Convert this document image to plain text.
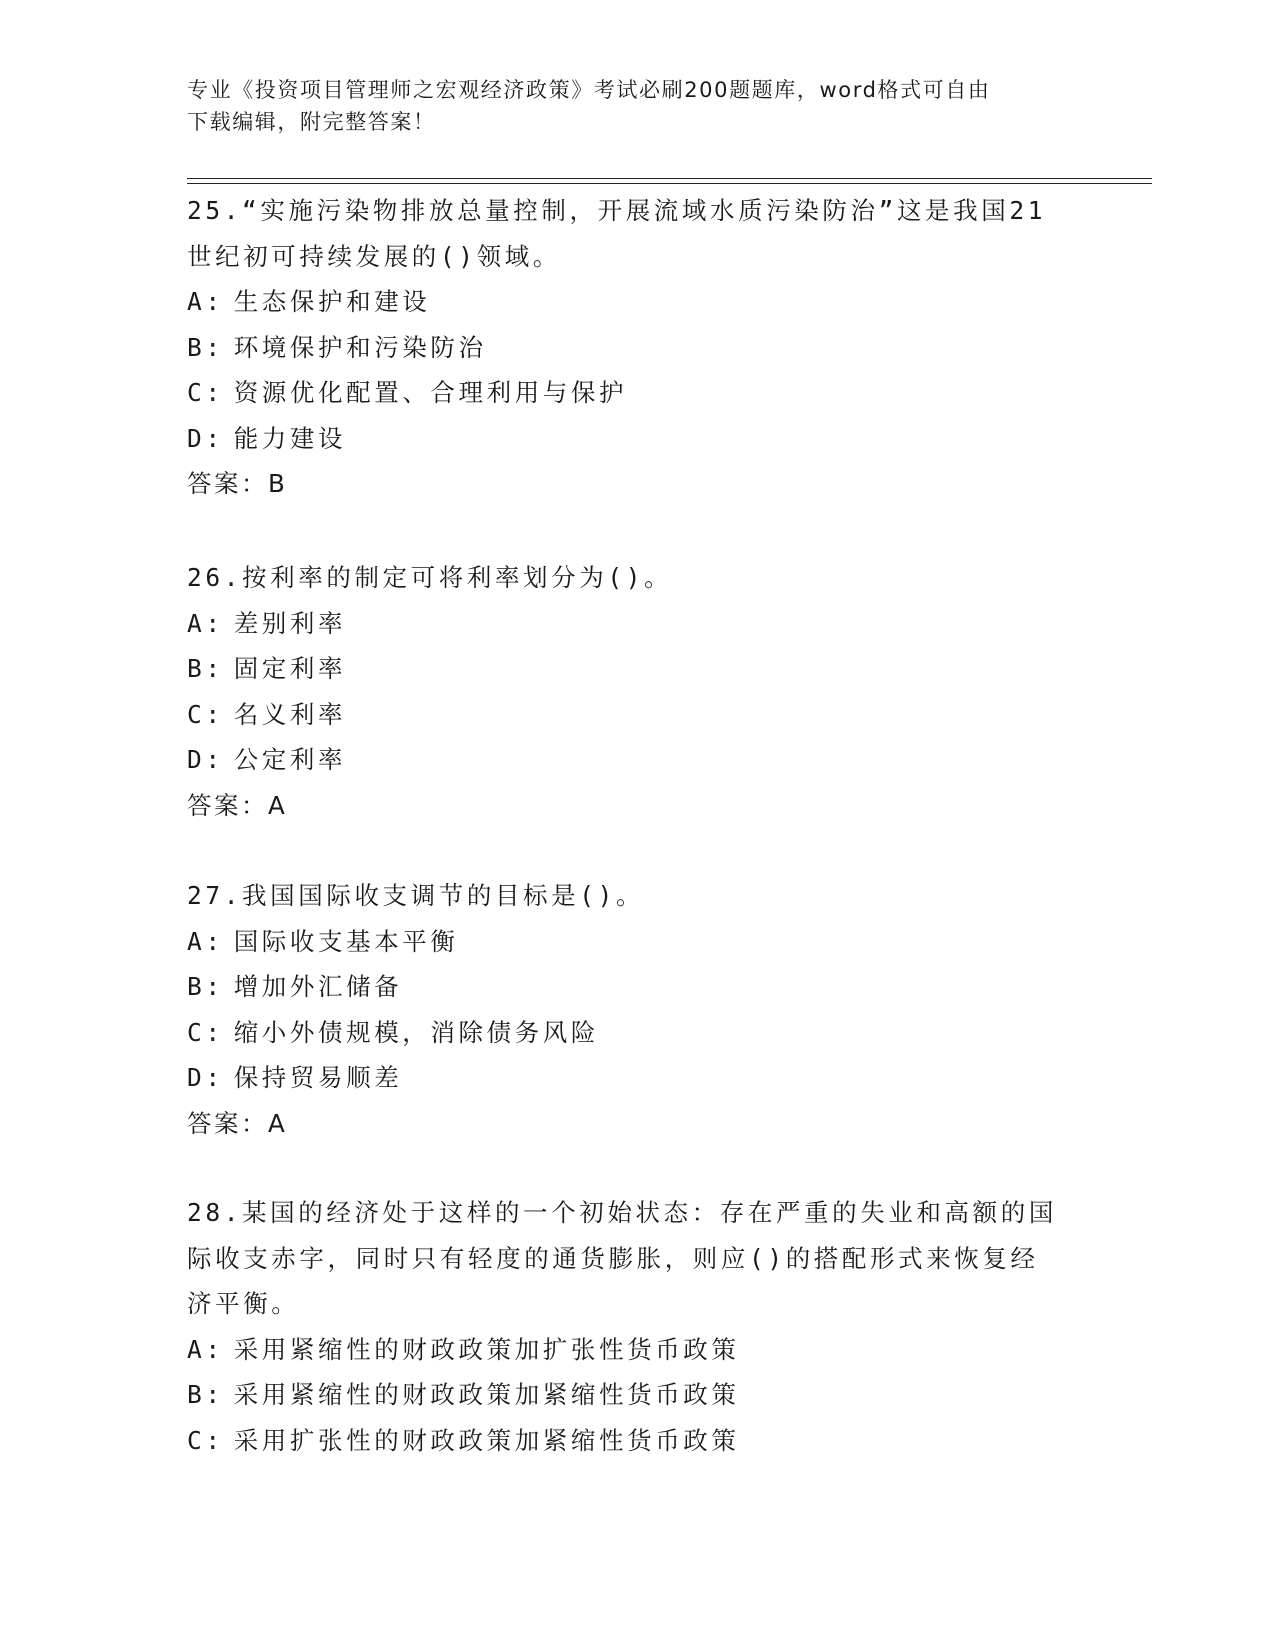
专业《投资项目管理师之宏观经济政策》考试必刷200题题库，word格式可自由
下载编辑，附完整答案！
25.“实施污染物排放总量控制，开展流域水质污染防治”这是我国21
世纪初可持续发展的()领域。
A: 生态保护和建设
B: 环境保护和污染防治
C: 资源优化配置、合理利用与保护
D: 能力建设
答案：B
26.按利率的制定可将利率划分为()。
A: 差别利率
B: 固定利率
C: 名义利率
D: 公定利率
答案：A
27.我国国际收支调节的目标是()。
A: 国际收支基本平衡
B: 增加外汇储备
C: 缩小外债规模，消除债务风险
D: 保持贸易顺差
答案：A
28.某国的经济处于这样的一个初始状态：存在严重的失业和高额的国
际收支赤字，同时只有轻度的通货膨胀，则应()的搭配形式来恢复经
济平衡。
A: 采用紧缩性的财政政策加扩张性货币政策
B: 采用紧缩性的财政政策加紧缩性货币政策
C: 采用扩张性的财政政策加紧缩性货币政策
